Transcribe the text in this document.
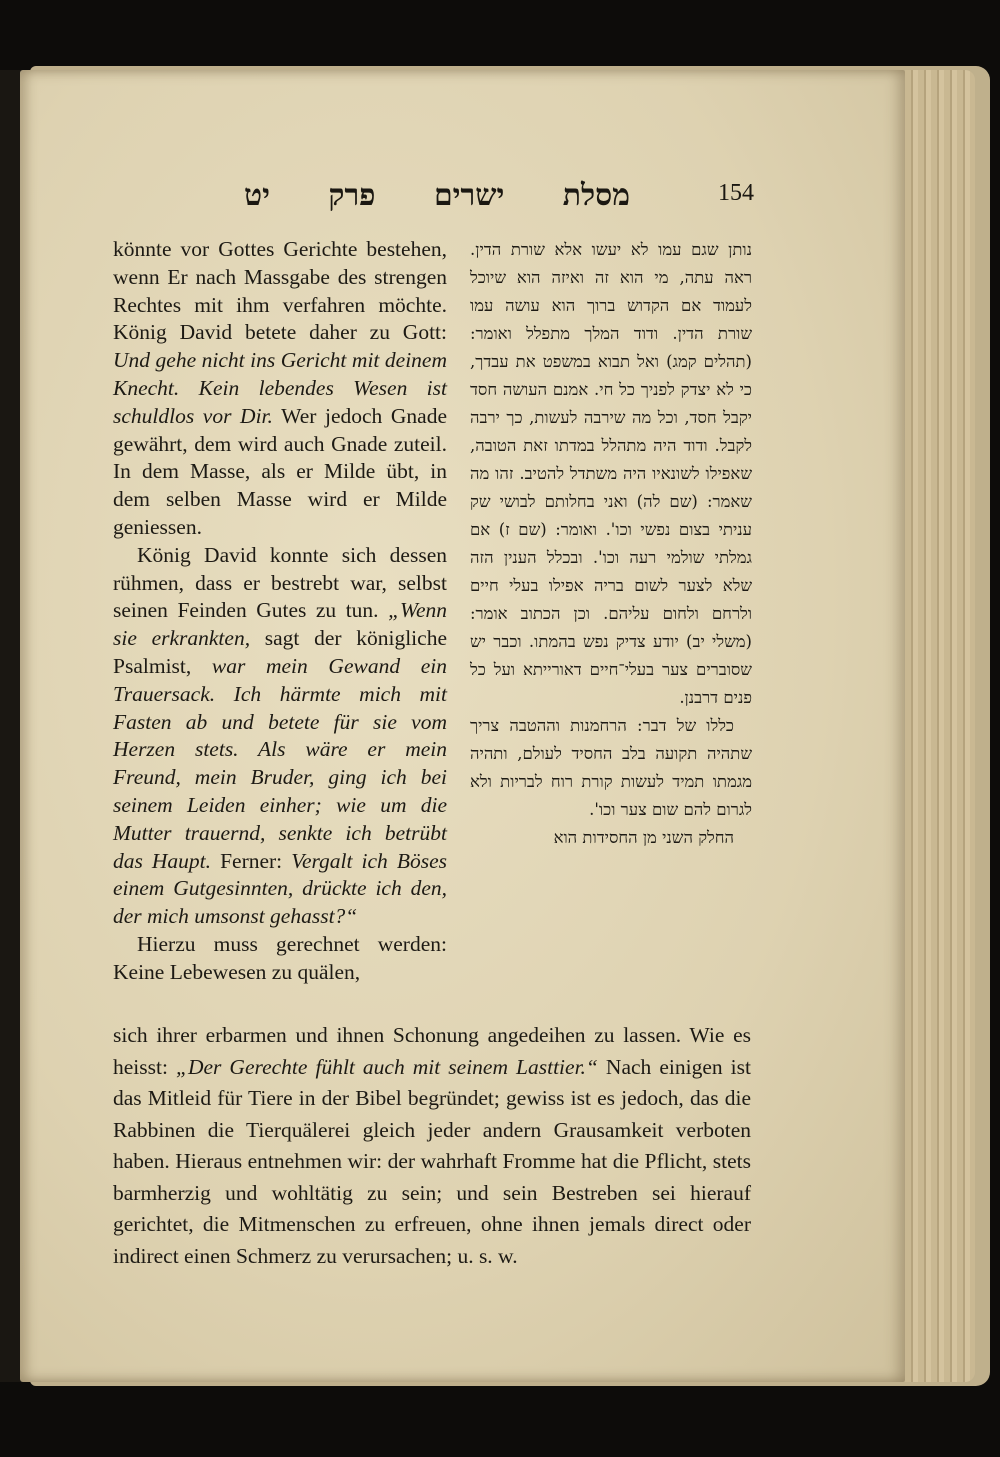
מסלת ישרים פרק יט	154

könnte vor Gottes Gerichte bestehen, wenn Er nach Massgabe des strengen Rechtes mit ihm verfahren möchte. König David betete daher zu Gott: Und gehe nicht ins Gericht mit deinem Knecht. Kein lebendes Wesen ist schuldlos vor Dir. Wer jedoch Gnade gewährt, dem wird auch Gnade zuteil. In dem Masse, als er Milde übt, in dem selben Masse wird er Milde geniessen.

König David konnte sich dessen rühmen, dass er bestrebt war, selbst seinen Feinden Gutes zu tun. „Wenn sie erkrankten, sagt der königliche Psalmist, war mein Gewand ein Trauersack. Ich härmte mich mit Fasten ab und betete für sie vom Herzen stets. Als wäre er mein Freund, mein Bruder, ging ich bei seinem Leiden einher; wie um die Mutter trauernd, senkte ich betrübt das Haupt. Ferner: Vergalt ich Böses einem Gutgesinnten, drückte ich den, der mich umsonst gehasst?“

Hierzu muss gerechnet werden: Keine Lebewesen zu quälen,

נותן שגם עמו לא יעשו אלא שורת הדין. ראה עתה, מי הוא זה ואיזה הוא שיוכל לעמוד אם הקדוש ברוך הוא עושה עמו שורת הדין. ודוד המלך מתפלל ואומר: (תהלים קמג) ואל תבוא במשפט את עבדך, כי לא יצדק לפניך כל חי. אמנם העושה חסד יקבל חסד, וכל מה שירבה לעשות, כך ירבה לקבל. ודוד היה מתהלל במדתו זאת הטובה, שאפילו לשונאיו היה משתדל להטיב. זהו מה שאמר: (שם לה) ואני בחלותם לבושי שק עניתי בצום נפשי וכו'. ואומר: (שם ז) אם גמלתי שולמי רעה וכו'. ובכלל הענין הזה שלא לצער לשום בריה אפילו בעלי חיים ולרחם ולחום עליהם. וכן הכתוב אומר: (משלי יב) יודע צדיק נפש בהמתו. וכבר יש שסוברים צער בעלי־חיים דאורייתא ועל כל פנים דרבנן.

כללו של דבר: הרחמנות וההטבה צריך שתהיה תקועה בלב החסיד לעולם, ותהיה מגמתו תמיד לעשות קורת רוח לבריות ולא לגרום להם שום צער וכו'.

החלק השני מן החסידות הוא

sich ihrer erbarmen und ihnen Schonung angedeihen zu lassen. Wie es heisst: „Der Gerechte fühlt auch mit seinem Lasttier.“ Nach einigen ist das Mitleid für Tiere in der Bibel begründet; gewiss ist es jedoch, das die Rabbinen die Tierquälerei gleich jeder andern Grausamkeit verboten haben. Hieraus entnehmen wir: der wahrhaft Fromme hat die Pflicht, stets barmherzig und wohltätig zu sein; und sein Bestreben sei hierauf gerichtet, die Mitmenschen zu erfreuen, ohne ihnen jemals direct oder indirect einen Schmerz zu verursachen; u. s. w.
